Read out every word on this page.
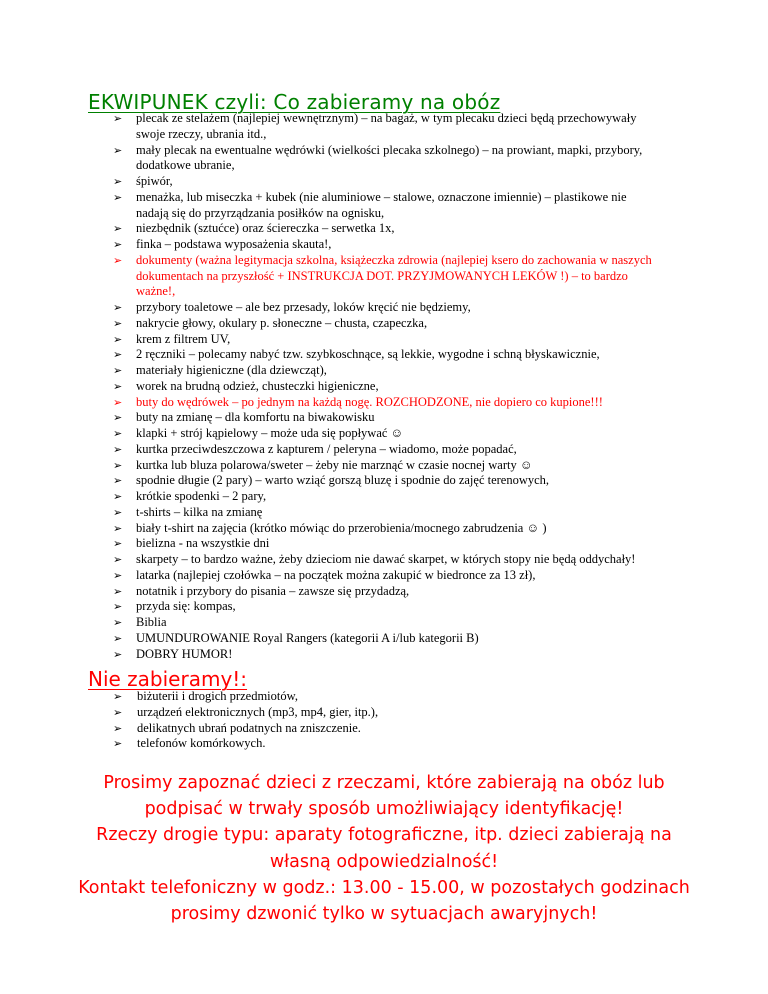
EKWIPUNEK czyli: Co zabieramy na obóz
➢ plecak ze stelażem (najlepiej wewnętrznym) – na bagaż, w tym plecaku dzieci będą przechowywały swoje rzeczy, ubrania itd.,
➢ mały plecak na ewentualne wędrówki (wielkości plecaka szkolnego) – na prowiant, mapki, przybory, dodatkowe ubranie,
➢ śpiwór,
➢ menażka, lub miseczka + kubek (nie aluminiowe – stalowe, oznaczone imiennie) – plastikowe nie nadają się do przyrządzania posiłków na ognisku,
➢ niezbędnik (sztućce) oraz ściereczka – serwetka 1x,
➢ finka – podstawa wyposażenia skauta!,
➢ dokumenty (ważna legitymacja szkolna, książeczka zdrowia (najlepiej ksero do zachowania w naszych dokumentach na przyszłość + INSTRUKCJA DOT. PRZYJMOWANYCH LEKÓW !) – to bardzo ważne!,
➢ przybory toaletowe – ale bez przesady, loków kręcić nie będziemy,
➢ nakrycie głowy, okulary p. słoneczne – chusta, czapeczka,
➢ krem z filtrem UV,
➢ 2 ręczniki – polecamy nabyć tzw. szybkoschnące, są lekkie, wygodne i schną błyskawicznie,
➢ materiały higieniczne (dla dziewcząt),
➢ worek na brudną odzież, chusteczki higieniczne,
➢ buty do wędrówek – po jednym na każdą nogę. ROZCHODZONE, nie dopiero co kupione!!!
➢ buty na zmianę – dla komfortu na biwakowisku
➢ klapki + strój kąpielowy – może uda się popływać ☺
➢ kurtka przeciwdeszczowa z kapturem / peleryna – wiadomo, może popadać,
➢ kurtka lub bluza polarowa/sweter – żeby nie marznąć w czasie nocnej warty ☺
➢ spodnie długie (2 pary) – warto wziąć gorszą bluzę i spodnie do zajęć terenowych,
➢ krótkie spodenki – 2 pary,
➢ t-shirts – kilka na zmianę
➢ biały t-shirt na zajęcia (krótko mówiąc do przerobienia/mocnego zabrudzenia ☺ )
➢ bielizna - na wszystkie dni
➢ skarpety – to bardzo ważne, żeby dzieciom nie dawać skarpet, w których stopy nie będą oddychały!
➢ latarka (najlepiej czołówka – na początek można zakupić w biedronce za 13 zł),
➢ notatnik i przybory do pisania – zawsze się przydadzą,
➢ przyda się: kompas,
➢ Biblia
➢ UMUNDUROWANIE Royal Rangers (kategorii A i/lub kategorii B)
➢ DOBRY HUMOR!
Nie zabieramy!:
➢ biżuterii i drogich przedmiotów,
➢ urządzeń elektronicznych (mp3, mp4, gier, itp.),
➢ delikatnych ubrań podatnych na zniszczenie.
➢ telefonów komórkowych.
Prosimy zapoznać dzieci z rzeczami, które zabierają na obóz lub
podpisać w trwały sposób umożliwiający identyfikację!
Rzeczy drogie typu: aparaty fotograficzne, itp. dzieci zabierają na
własną odpowiedzialność!
Kontakt telefoniczny w godz.: 13.00 - 15.00, w pozostałych godzinach
prosimy dzwonić tylko w sytuacjach awaryjnych!
